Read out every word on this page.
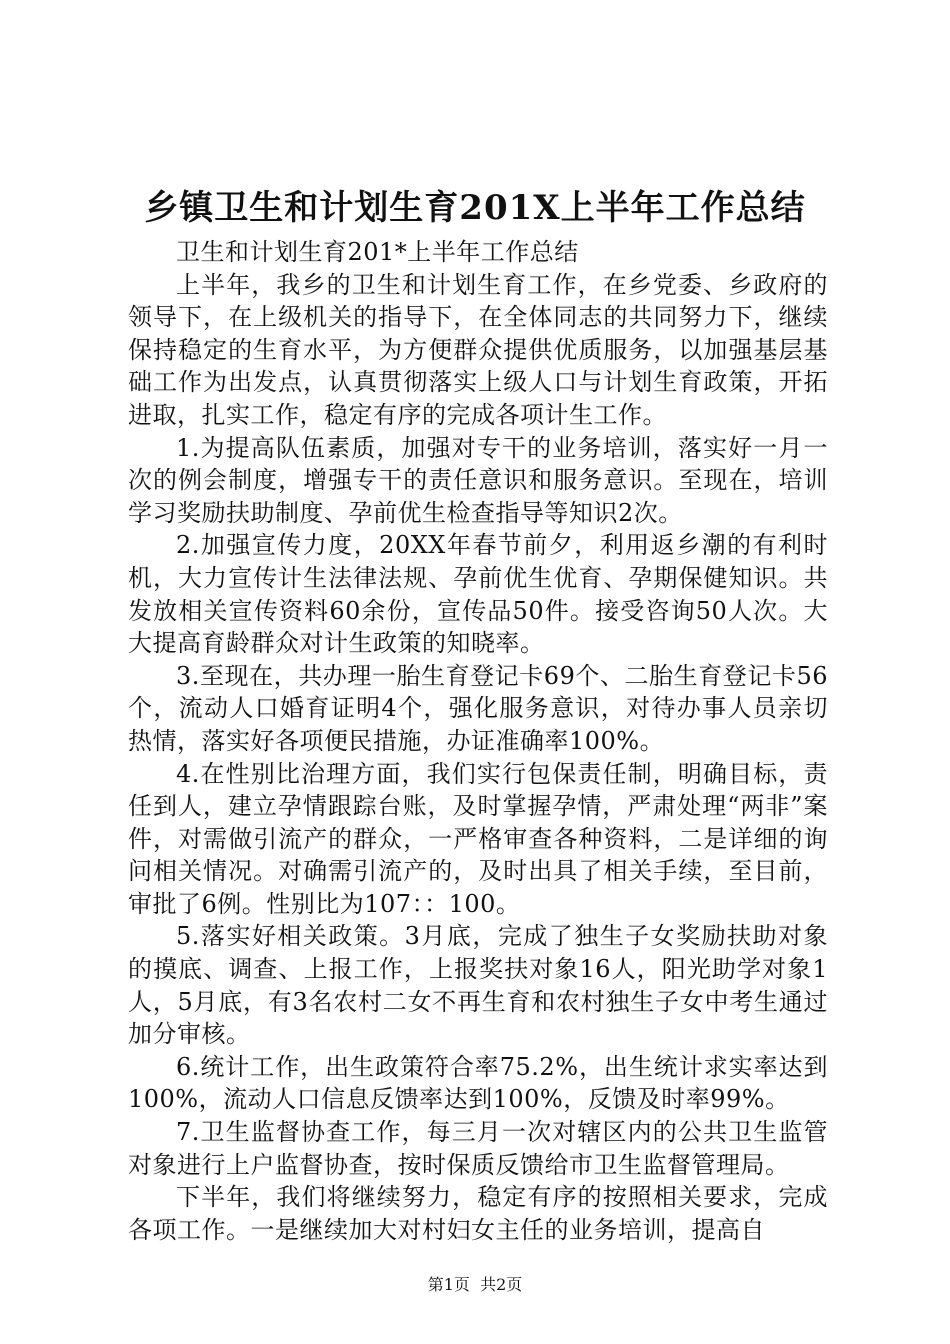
乡镇卫生和计划生育201X上半年工作总结

卫生和计划生育201*上半年工作总结

上半年，我乡的卫生和计划生育工作，在乡党委、乡政府的领导下，在上级机关的指导下，在全体同志的共同努力下，继续保持稳定的生育水平，为方便群众提供优质服务，以加强基层基础工作为出发点，认真贯彻落实上级人口与计划生育政策，开拓进取，扎实工作，稳定有序的完成各项计生工作。

1.为提高队伍素质，加强对专干的业务培训，落实好一月一次的例会制度，增强专干的责任意识和服务意识。至现在，培训学习奖励扶助制度、孕前优生检查指导等知识2次。

2.加强宣传力度，20XX年春节前夕，利用返乡潮的有利时机，大力宣传计生法律法规、孕前优生优育、孕期保健知识。共发放相关宣传资料60余份，宣传品50件。接受咨询50人次。大大提高育龄群众对计生政策的知晓率。

3.至现在，共办理一胎生育登记卡69个、二胎生育登记卡56个，流动人口婚育证明4个，强化服务意识，对待办事人员亲切热情，落实好各项便民措施，办证准确率100%。

4.在性别比治理方面，我们实行包保责任制，明确目标，责任到人，建立孕情跟踪台账，及时掌握孕情，严肃处理“两非”案件，对需做引流产的群众，一严格审查各种资料，二是详细的询问相关情况。对确需引流产的，及时出具了相关手续，至目前，审批了6例。性别比为107：：100。

5.落实好相关政策。3月底，完成了独生子女奖励扶助对象的摸底、调查、上报工作，上报奖扶对象16人，阳光助学对象1人，5月底，有3名农村二女不再生育和农村独生子女中考生通过加分审核。

6.统计工作，出生政策符合率75.2%，出生统计求实率达到100%，流动人口信息反馈率达到100%，反馈及时率99%。

7.卫生监督协查工作，每三月一次对辖区内的公共卫生监管对象进行上户监督协查，按时保质反馈给市卫生监督管理局。

下半年，我们将继续努力，稳定有序的按照相关要求，完成各项工作。一是继续加大对村妇女主任的业务培训，提高自

第1页  共2页
